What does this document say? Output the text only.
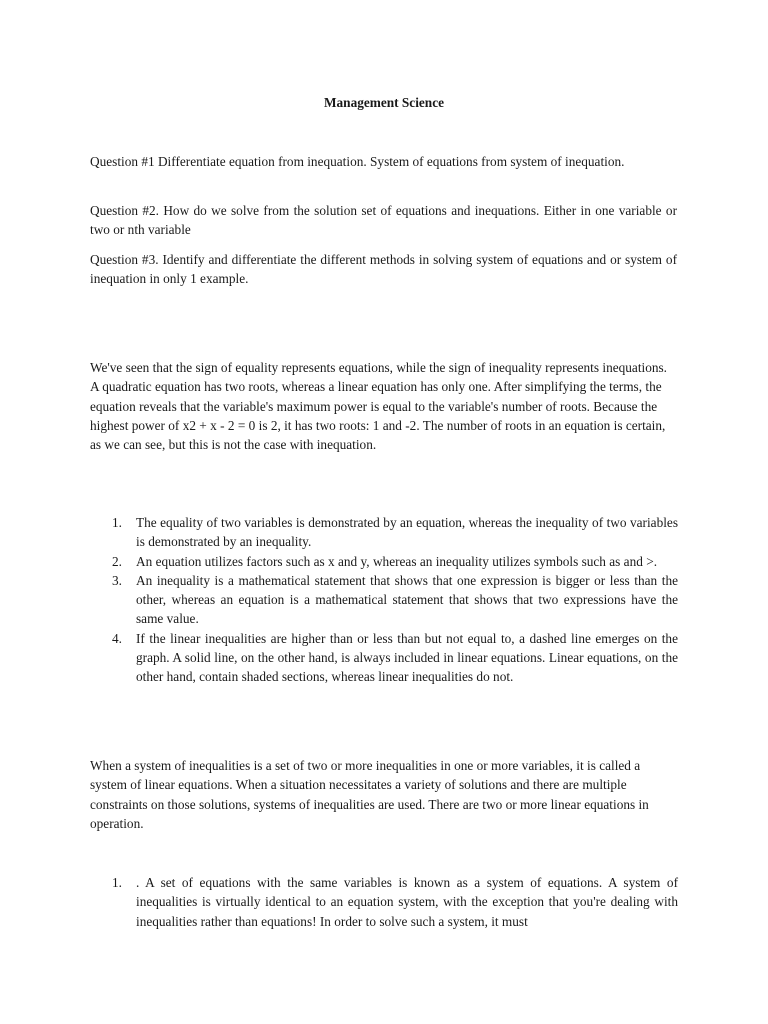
Management Science

Question #1 Differentiate equation from inequation. System of equations from system of inequation.

Question #2. How do we solve from the solution set of equations and inequations. Either in one variable or two or nth variable

Question #3. Identify and differentiate the different methods in solving system of equations and or system of inequation in only 1 example.

We've seen that the sign of equality represents equations, while the sign of inequality represents inequations. A quadratic equation has two roots, whereas a linear equation has only one. After simplifying the terms, the equation reveals that the variable's maximum power is equal to the variable's number of roots. Because the highest power of x2 + x - 2 = 0 is 2, it has two roots: 1 and -2. The number of roots in an equation is certain, as we can see, but this is not the case with inequation.

1. The equality of two variables is demonstrated by an equation, whereas the inequality of two variables is demonstrated by an inequality.
2. An equation utilizes factors such as x and y, whereas an inequality utilizes symbols such as and >.
3. An inequality is a mathematical statement that shows that one expression is bigger or less than the other, whereas an equation is a mathematical statement that shows that two expressions have the same value.
4. If the linear inequalities are higher than or less than but not equal to, a dashed line emerges on the graph. A solid line, on the other hand, is always included in linear equations. Linear equations, on the other hand, contain shaded sections, whereas linear inequalities do not.

When a system of inequalities is a set of two or more inequalities in one or more variables, it is called a system of linear equations. When a situation necessitates a variety of solutions and there are multiple constraints on those solutions, systems of inequalities are used. There are two or more linear equations in operation.

1. . A set of equations with the same variables is known as a system of equations. A system of inequalities is virtually identical to an equation system, with the exception that you're dealing with inequalities rather than equations! In order to solve such a system, it must
